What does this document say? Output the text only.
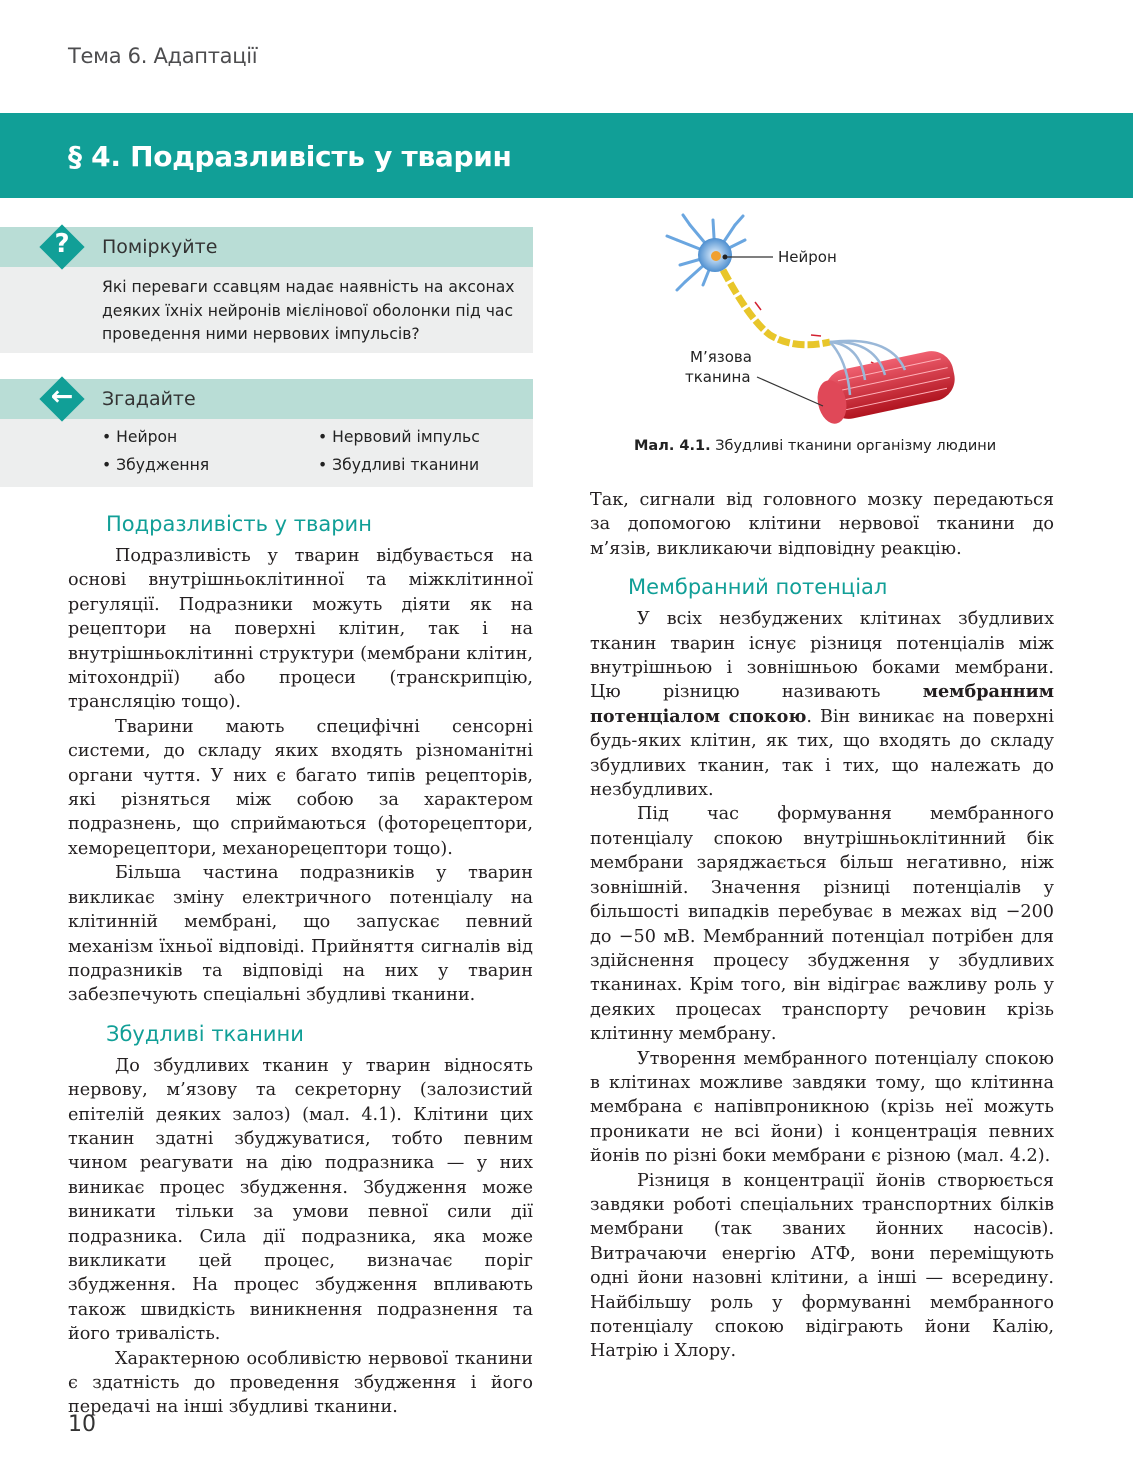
Тема 6. Адаптації
§ 4. Подразливість у тварин
?	Поміркуйте
Які переваги ссавцям надає наявність на аксонах деяких їхніх нейронів мієлінової оболонки під час проведення ними нервових імпульсів?
←	Згадайте
• Нейрон	• Нервовий імпульс
• Збудження	• Збудливі тканини
Нейрон
М’язова
тканина
Мал. 4.1. Збудливі тканини організму людини
Подразливість у тварин

Подразливість у тварин відбувається на основі внутрішньоклітинної та міжклітинної регуляції. Подразники можуть діяти як на рецептори на поверхні клітин, так і на внутрішньоклітинні структури (мембрани клітин, мітохондрії) або процеси (транскрипцію, трансляцію тощо).

Тварини мають специфічні сенсорні системи, до складу яких входять різноманітні органи чуття. У них є багато типів рецепторів, які різняться між собою за характером подразнень, що сприймаються (фоторецептори, хеморецептори, механорецептори тощо).

Більша частина подразників у тварин викликає зміну електричного потенціалу на клітинній мембрані, що запускає певний механізм їхньої відповіді. Прийняття сигналів від подразників та відповіді на них у тварин забезпечують спеціальні збудливі тканини.

Збудливі тканини

До збудливих тканин у тварин відносять нервову, м’язову та секреторну (залозистий епітелій деяких залоз) (мал. 4.1). Клітини цих тканин здатні збуджуватися, тобто певним чином реагувати на дію подразника — у них виникає процес збудження. Збудження може виникати тільки за умови певної сили дії подразника. Сила дії подразника, яка може викликати цей процес, визначає поріг збудження. На процес збудження впливають також швидкість виникнення подразнення та його тривалість.

Характерною особливістю нервової тканини є здатність до проведення збудження і його передачі на інші збудливі тканини.

Так, сигнали від головного мозку передаються за допомогою клітини нервової тканини до м’язів, викликаючи відповідну реакцію.

Мембранний потенціал

У всіх незбуджених клітинах збудливих тканин тварин існує різниця потенціалів між внутрішньою і зовнішньою боками мембрани. Цю різницю називають мембранним потенціалом спокою. Він виникає на поверхні будь-яких клітин, як тих, що входять до складу збудливих тканин, так і тих, що належать до незбудливих.

Під час формування мембранного потенціалу спокою внутрішньоклітинний бік мембрани заряджається більш негативно, ніж зовнішній. Значення різниці потенціалів у більшості випадків перебуває в межах від −200 до −50 мВ. Мембранний потенціал потрібен для здійснення процесу збудження у збудливих тканинах. Крім того, він відіграє важливу роль у деяких процесах транспорту речовин крізь клітинну мембрану.

Утворення мембранного потенціалу спокою в клітинах можливе завдяки тому, що клітинна мембрана є напівпроникною (крізь неї можуть проникати не всі йони) і концентрація певних йонів по різні боки мембрани є різною (мал. 4.2).

Різниця в концентрації йонів створюється завдяки роботі спеціальних транспортних білків мембрани (так званих йонних насосів). Витрачаючи енергію АТФ, вони переміщують одні йони назовні клітини, а інші — всередину. Найбільшу роль у формуванні мембранного потенціалу спокою відіграють йони Калію, Натрію і Хлору.

10
